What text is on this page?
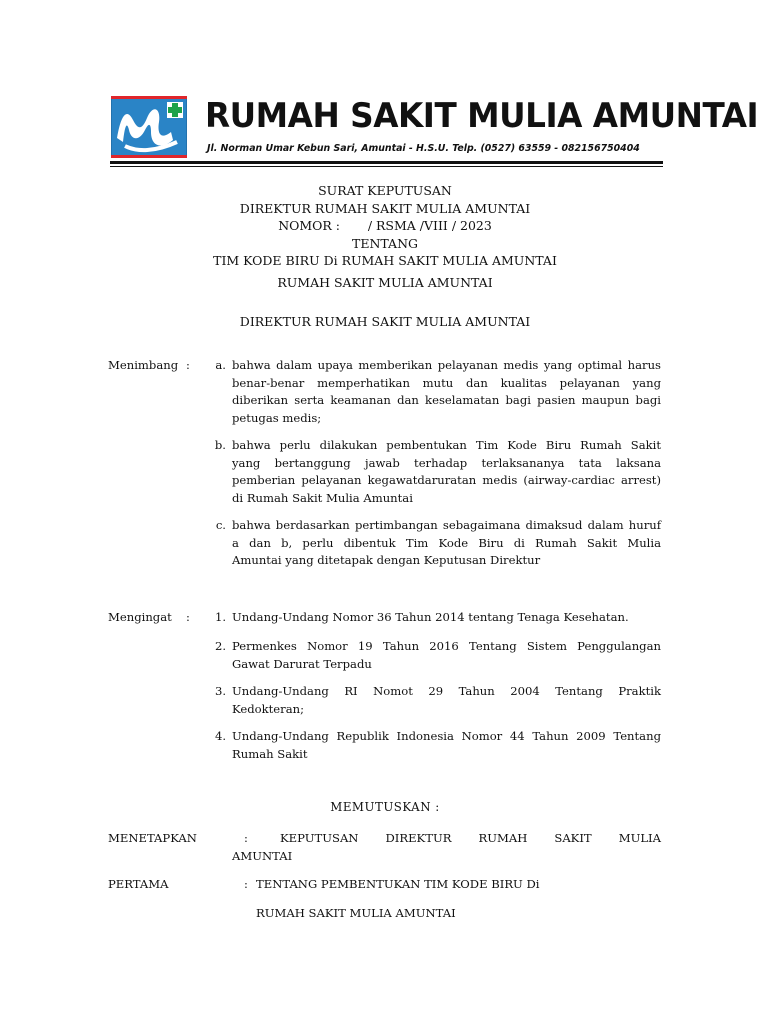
RUMAH SAKIT MULIA AMUNTAI
Jl. Norman Umar Kebun Sari, Amuntai - H.S.U. Telp. (0527) 63559 - 082156750404

SURAT KEPUTUSAN

DIREKTUR RUMAH SAKIT MULIA AMUNTAI

NOMOR :       / RSMA /VIII / 2023

TENTANG

TIM KODE BIRU Di RUMAH SAKIT MULIA AMUNTAI

RUMAH SAKIT MULIA AMUNTAI

DIREKTUR RUMAH SAKIT MULIA AMUNTAI

Menimbang :	a. bahwa dalam upaya memberikan pelayanan medis yang optimal harus
benar-benar memperhatikan mutu dan kualitas pelayanan yang
diberikan serta keamanan dan keselamatan bagi pasien maupun bagi
petugas medis;
b. bahwa perlu dilakukan pembentukan Tim Kode Biru Rumah Sakit
yang bertanggung jawab terhadap terlaksananya tata laksana
pemberian pelayanan kegawatdaruratan medis (airway-cardiac arrest)
di Rumah Sakit Mulia Amuntai
c. bahwa berdasarkan pertimbangan sebagaimana dimaksud dalam huruf
a dan b, perlu dibentuk Tim Kode Biru di Rumah Sakit Mulia
Amuntai yang ditetapak dengan Keputusan Direktur
Mengingat :	1. Undang-Undang Nomor 36 Tahun 2014 tentang Tenaga Kesehatan.
2. Permenkes Nomor 19 Tahun 2016 Tentang Sistem Penggulangan
Gawat Darurat Terpadu
3. Undang-Undang RI Nomot 29 Tahun 2004 Tentang Praktik
Kedokteran;
4. Undang-Undang Republik Indonesia Nomor 44 Tahun 2009 Tentang
Rumah Sakit
MEMUTUSKAN :
MENETAPKAN	:	KEPUTUSAN DIREKTUR RUMAH SAKIT MULIA
AMUNTAI
PERTAMA	: TENTANG PEMBENTUKAN TIM KODE BIRU Di
RUMAH SAKIT MULIA AMUNTAI
